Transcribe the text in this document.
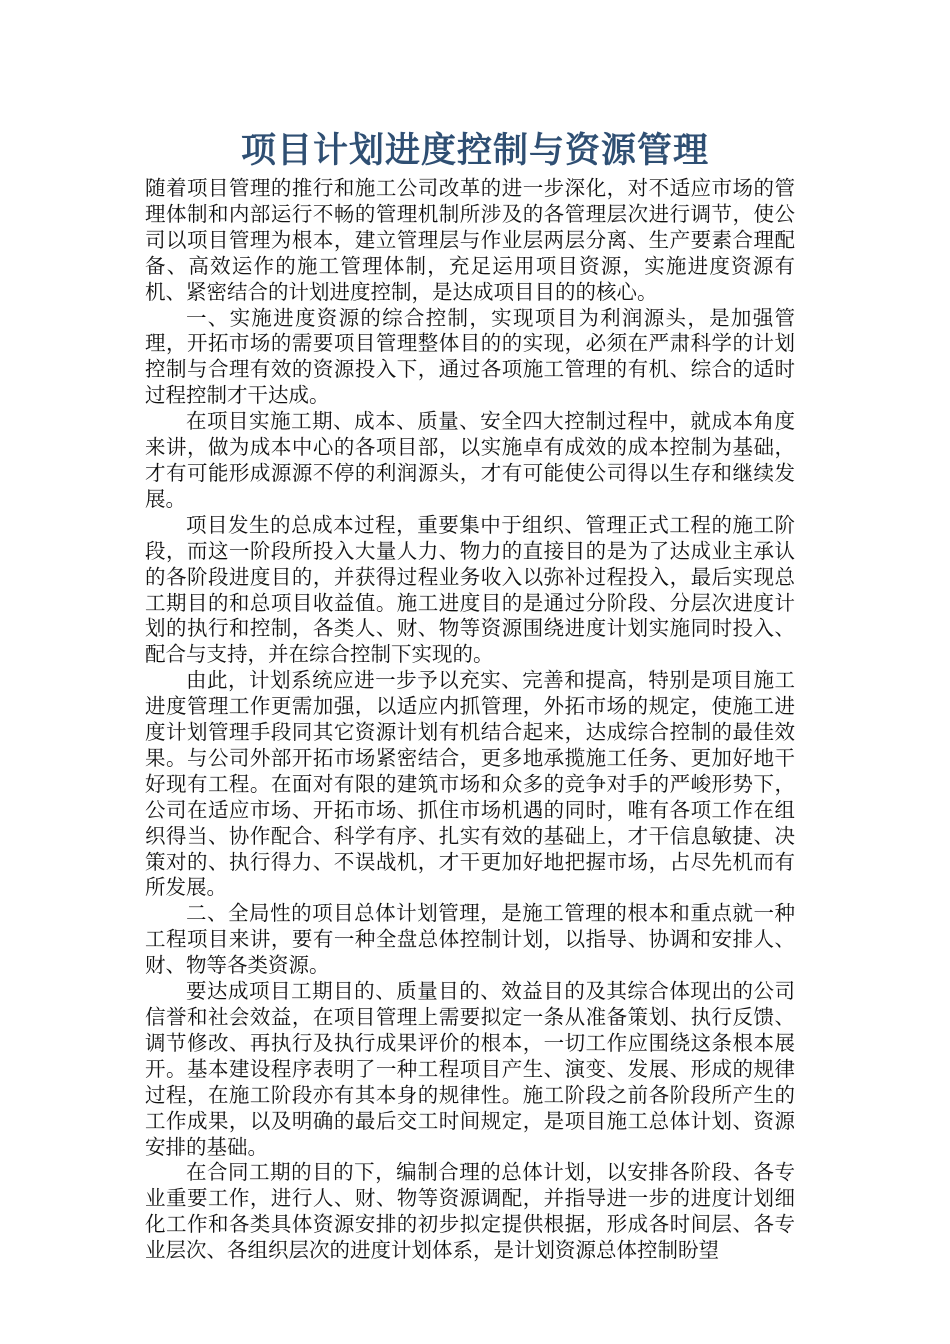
项目计划进度控制与资源管理

随着项目管理的推行和施工公司改革的进一步深化，对不适应市场的管理体制和内部运行不畅的管理机制所涉及的各管理层次进行调节，使公司以项目管理为根本，建立管理层与作业层两层分离、生产要素合理配备、高效运作的施工管理体制，充足运用项目资源，实施进度资源有机、紧密结合的计划进度控制，是达成项目目的的核心。

一、实施进度资源的综合控制，实现项目为利润源头，是加强管理，开拓市场的需要项目管理整体目的的实现，必须在严肃科学的计划控制与合理有效的资源投入下，通过各项施工管理的有机、综合的适时过程控制才干达成。

在项目实施工期、成本、质量、安全四大控制过程中，就成本角度来讲，做为成本中心的各项目部，以实施卓有成效的成本控制为基础，才有可能形成源源不停的利润源头，才有可能使公司得以生存和继续发展。

项目发生的总成本过程，重要集中于组织、管理正式工程的施工阶段，而这一阶段所投入大量人力、物力的直接目的是为了达成业主承认的各阶段进度目的，并获得过程业务收入以弥补过程投入，最后实现总工期目的和总项目收益值。施工进度目的是通过分阶段、分层次进度计划的执行和控制，各类人、财、物等资源围绕进度计划实施同时投入、配合与支持，并在综合控制下实现的。

由此，计划系统应进一步予以充实、完善和提高，特别是项目施工进度管理工作更需加强，以适应内抓管理，外拓市场的规定，使施工进度计划管理手段同其它资源计划有机结合起来，达成综合控制的最佳效果。与公司外部开拓市场紧密结合，更多地承揽施工任务、更加好地干好现有工程。在面对有限的建筑市场和众多的竞争对手的严峻形势下，公司在适应市场、开拓市场、抓住市场机遇的同时，唯有各项工作在组织得当、协作配合、科学有序、扎实有效的基础上，才干信息敏捷、决策对的、执行得力、不误战机，才干更加好地把握市场，占尽先机而有所发展。

二、全局性的项目总体计划管理，是施工管理的根本和重点就一种工程项目来讲，要有一种全盘总体控制计划，以指导、协调和安排人、财、物等各类资源。

要达成项目工期目的、质量目的、效益目的及其综合体现出的公司信誉和社会效益，在项目管理上需要拟定一条从准备策划、执行反馈、调节修改、再执行及执行成果评价的根本，一切工作应围绕这条根本展开。基本建设程序表明了一种工程项目产生、演变、发展、形成的规律过程，在施工阶段亦有其本身的规律性。施工阶段之前各阶段所产生的工作成果，以及明确的最后交工时间规定，是项目施工总体计划、资源安排的基础。

在合同工期的目的下，编制合理的总体计划，以安排各阶段、各专业重要工作，进行人、财、物等资源调配，并指导进一步的进度计划细化工作和各类具体资源安排的初步拟定提供根据，形成各时间层、各专业层次、各组织层次的进度计划体系，是计划资源总体控制盼望
